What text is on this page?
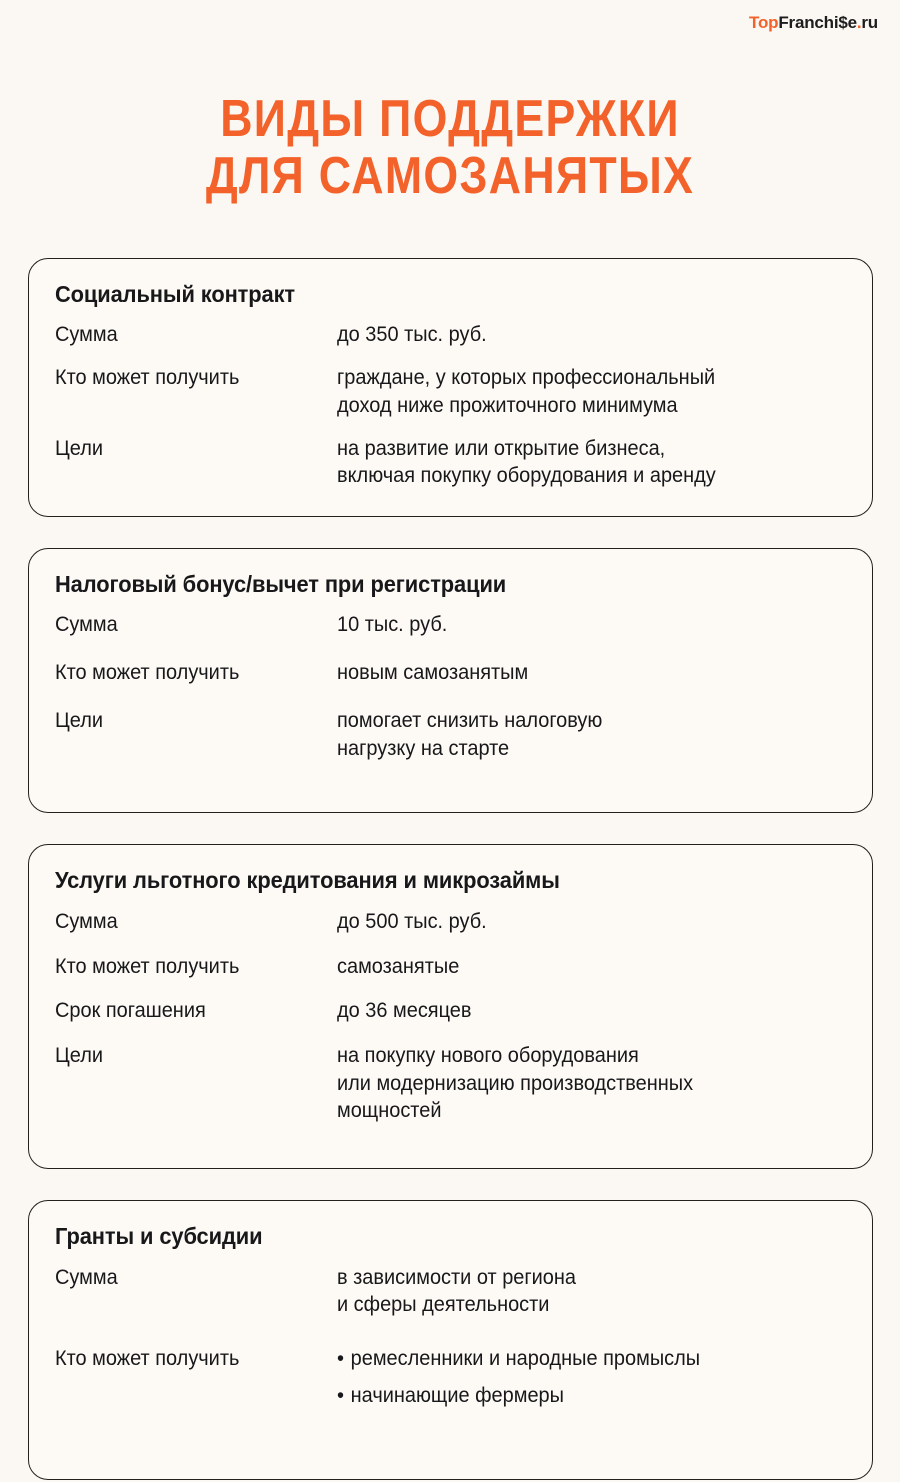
TopFranchi$e.ru
ВИДЫ ПОДДЕРЖКИ
ДЛЯ САМОЗАНЯТЫХ
Социальный контракт
Сумма	до 350 тыс. руб.
Кто может получить	граждане, у которых профессиональный
доход ниже прожиточного минимума
Цели	на развитие или открытие бизнеса,
включая покупку оборудования и аренду
Налоговый бонус/вычет при регистрации
Сумма	10 тыс. руб.
Кто может получить	новым самозанятым
Цели	помогает снизить налоговую
нагрузку на старте
Услуги льготного кредитования и микрозаймы
Сумма	до 500 тыс. руб.
Кто может получить	самозанятые
Срок погашения	до 36 месяцев
Цели	на покупку нового оборудования
или модернизацию производственных
мощностей
Гранты и субсидии
Сумма	в зависимости от региона
и сферы деятельности
Кто может получить	• ремесленники и народные промыслы
• начинающие фермеры
